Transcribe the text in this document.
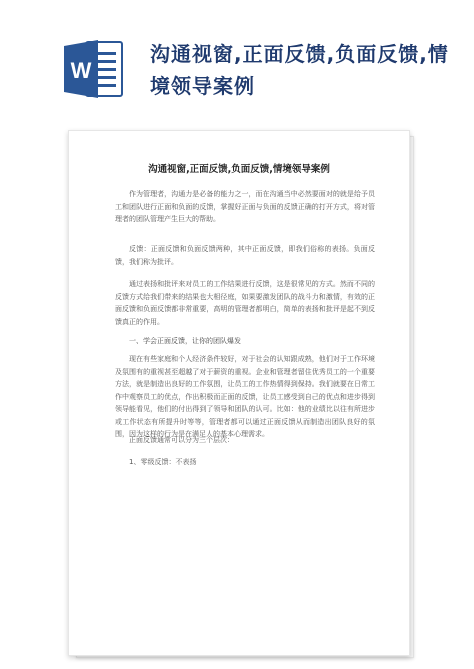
W
沟通视窗,正面反馈,负面反馈,情境领导案例
沟通视窗,正面反馈,负面反馈,情境领导案例
作为管理者，沟通力是必备的能力之一，而在沟通当中必然要面对的就是给予员工和团队进行正面和负面的反馈，掌握好正面与负面的反馈正确的打开方式，将对管理者的团队管理产生巨大的帮助。
反馈：正面反馈和负面反馈两种，其中正面反馈，即我们俗称的表扬。负面反馈，我们称为批评。
通过表扬和批评来对员工的工作结果进行反馈，这是很常见的方式。然而不同的反馈方式给我们带来的结果也大相径庭，如果要激发团队的战斗力和激情，有效的正面反馈和负面反馈都非常重要，高明的管理者都明白，简单的表扬和批评是起不到反馈真正的作用。
一、学会正面反馈，让你的团队爆发
现在有些家庭和个人经济条件较好，对于社会的认知跟成熟，他们对于工作环境及氛围有的重视甚至超越了对于薪资的重视。企业和管理者留住优秀员工的一个重要方法，就是制造出良好的工作氛围，让员工的工作热情得到保持。我们就要在日常工作中观察员工的优点，作出积极而正面的反馈，让员工感受到自己的优点和进步得到领导能看见，他们的付出得到了领导和团队的认可。比如：他的业绩比以往有所进步或工作状态有所提升时等等，管理者都可以通过正面反馈从而制造出团队良好的氛围，因为这样的行为是在满足人的基本心理需求。
正面反馈通常可以分为三个层次：
1、零级反馈：不表扬
